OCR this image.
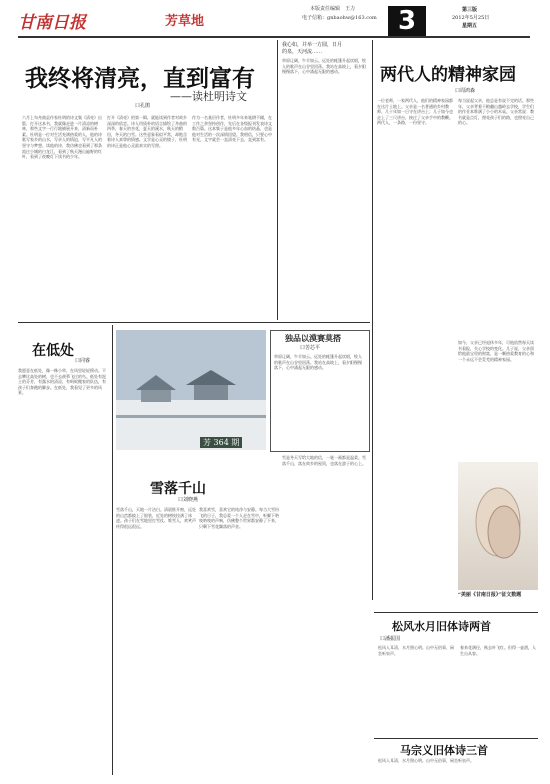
甘南日报	芳草地
本版责任编辑　王力
电子信箱：gnbaohw@163.com 3	第三版
2012年5月25日
星期五
我终将清亮，直到富有
——读杜明诗文
口孔鹃
六月上旬舟曲县作家杜明的诗文集《清亮》出版，打开这本书，我就像走进一片清凉的树林，那些文字一行行地铺展开来，清新而朴素。杜明是一位对生活充满热爱的人，他的诗歌写家乡的山水，写亲人的情谊，写平凡人的坚守与梦想。读他的诗，我仿佛也看到了那条流过小城的白龙江，看到了秋天漫山遍野的红叶，看到了夜晚灯下读书的少年。
打开《清亮》的第一辑，就能读到作者对故乡深深的依恋。诗人用质朴的语言描绘了舟曲的四季，春天的杏花，夏天的溪水，秋天的稻田，冬天的白雪。这些意象看似平常，却饱含着诗人真挚的情感。文学是心灵的镜子，杜明的诗正是他心灵最真实的写照。
作为一名基层作者，杜明多年来笔耕不辍，在工作之余坚持创作，先后在各级报刊发表诗文数百篇。这本集子是他多年心血的结晶，也是他对生活的一次深情回望。我相信，只要心中有光，文字就会一直清亮下去，直到富有。
我心如，并举一方圆，日月
的泉，天河流……
草原辽阔，牛羊如云。远处的帐篷升起炊烟，牧人的歌声在山谷里回荡。我站在高坡上，看夕阳慢慢落下，心中涌起无限的感动。	两代人的精神家园
口周鸿森
一位老师，一家两代人，他们的精神家园都在这片土地上。父亲是一名普通的乡村教师，几十年如一日守在讲台上；儿子如今也走上了三尺讲台，接过了父亲手中的教鞭。两代人，一条路，一份坚守。
每当说起父亲，他总是有说不完的话。那些年，父亲背着干粮翻山越岭去学校，学生们的作业本堆满了小小的木桌。父亲常说：教书就是点灯，照亮孩子们的路，也照亮自己的心。
如今，父亲已经退休多年，可他依然每天读书看报，关心学校的变化。儿子说，父亲留给他最宝贵的财富，是一颗热爱教育的心和一个永远不会荒芜的精神家园。
“美丽《甘南日报》”征文数题
在低处
口同睿
我愿意在低处，像一株小草，在风里轻轻摇动。不去攀比高处的树，也不去羡慕飞过的鸟。低处有泥土的芬芳，有露水的清凉，有蚂蚁搬家的队伍，有孩子们奔跑的脚步。在低处，我看见了更多的风景。
芳 364 期
独品以漠赛莫搭
口苦芯平
草原辽阔，牛羊如云。远处的帐篷升起炊烟，牧人的歌声在山谷里回荡。我站在高坡上，看夕阳慢慢落下，心中涌起无限的感动。
雪落千山
口刘晓燕
雪落千山，天地一片洁白。清晨推开窗，远处的山峦都披上了银装，近处的树枝挂满了冰凌。孩子们在雪地里打雪仗、堆雪人，欢笑声传得很远很远。
我喜欢雪，喜欢它的纯净与安静。每当大雪纷飞的日子，我总爱一个人走在雪中，听脚下咯吱咯吱的声响，仿佛整个世界都安静了下来，只剩下雪花飘落的声音。
雪是冬天写给大地的信，一笔一画都是温柔。雪落千山，落在故乡的屋顶，也落在游子的心上。
松风水月旧体诗两首
口潘振国
松风入耳清，水月照心明。山中无俗事，闲坐听泉声。
春来花满径，秋去叶飞红。但得一壶酒，人生自从容。
马宗义旧体诗三首
松风入耳清，水月照心明。山中无俗事，闲坐听泉声。
